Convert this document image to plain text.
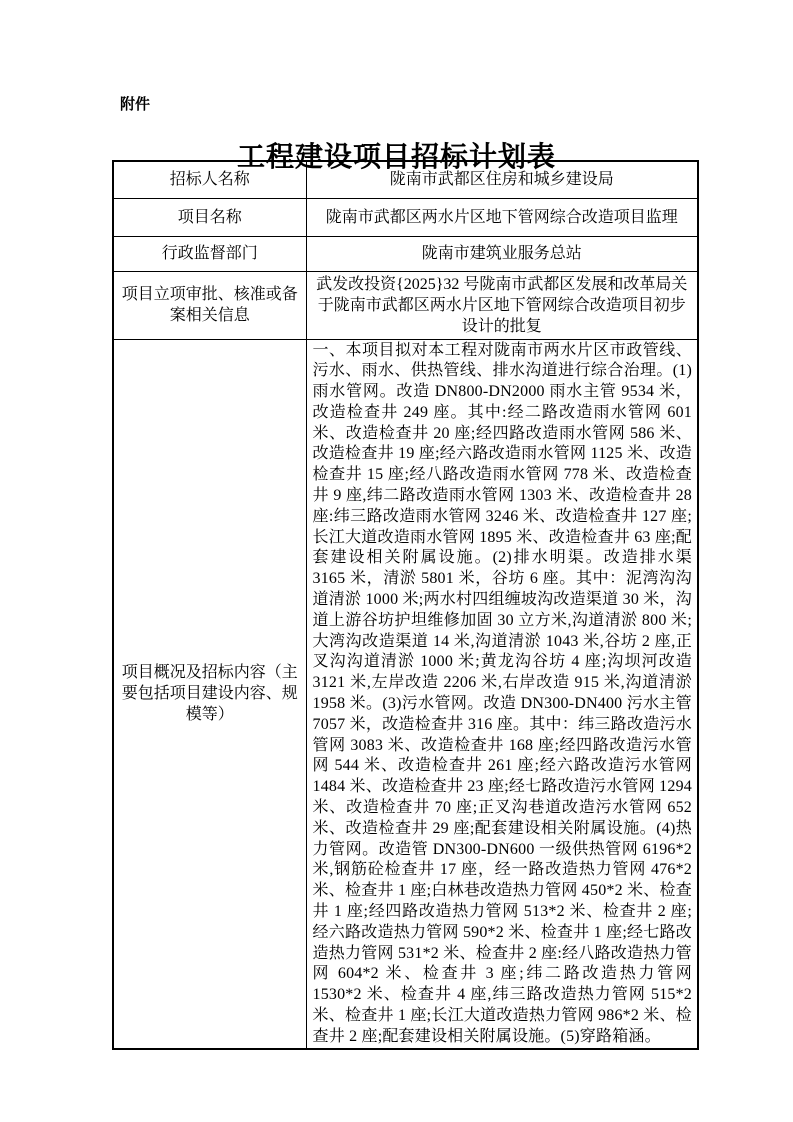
附件
工程建设项目招标计划表
招标人名称	陇南市武都区住房和城乡建设局
项目名称	陇南市武都区两水片区地下管网综合改造项目监理
行政监督部门	陇南市建筑业服务总站
项目立项审批、核准或备案相关信息	武发改投资{2025}32 号陇南市武都区发展和改革局关于陇南市武都区两水片区地下管网综合改造项目初步设计的批复
项目概况及招标内容（主要包括项目建设内容、规模等）	一、本项目拟对本工程对陇南市两水片区市政管线、污水、雨水、供热管线、排水沟道进行综合治理。(1)雨水管网。改造 DN800-DN2000 雨水主管 9534 米，改造检查井 249 座。其中:经二路改造雨水管网 601 米、改造检查井 20 座;经四路改造雨水管网 586 米、改造检查井 19 座;经六路改造雨水管网 1125 米、改造检查井 15 座;经八路改造雨水管网 778 米、改造检查井 9 座,纬二路改造雨水管网 1303 米、改造检查井 28 座:纬三路改造雨水管网 3246 米、改造检查井 127 座;长江大道改造雨水管网 1895 米、改造检查井 63 座;配套建设相关附属设施。(2)排水明渠。改造排水渠 3165 米，清淤 5801 米，谷坊 6 座。其中：泥湾沟沟道清淤 1000 米;两水村四组缠坡沟改造渠道 30 米，沟道上游谷坊护坦维修加固 30 立方米,沟道清淤 800 米;大湾沟改造渠道 14 米,沟道清淤 1043 米,谷坊 2 座,正叉沟沟道清淤 1000 米;黄龙沟谷坊 4 座;沟坝河改造 3121 米,左岸改造 2206 米,右岸改造 915 米,沟道清淤 1958 米。(3)污水管网。改造 DN300-DN400 污水主管 7057 米，改造检查井 316 座。其中：纬三路改造污水管网 3083 米、改造检查井 168 座;经四路改造污水管网 544 米、改造检查井 261 座;经六路改造污水管网 1484 米、改造检查井 23 座;经七路改造污水管网 1294 米、改造检查井 70 座;正叉沟巷道改造污水管网 652 米、改造检查井 29 座;配套建设相关附属设施。(4)热力管网。改造管 DN300-DN600 一级供热管网 6196*2 米,钢筋砼检查井 17 座，经一路改造热力管网 476*2 米、检查井 1 座;白林巷改造热力管网 450*2 米、检查井 1 座;经四路改造热力管网 513*2 米、检查井 2 座;经六路改造热力管网 590*2 米、检查井 1 座;经七路改造热力管网 531*2 米、检查井 2 座:经八路改造热力管网 604*2 米、检查井 3 座;纬二路改造热力管网 1530*2 米、检查井 4 座,纬三路改造热力管网 515*2 米、检查井 1 座;长江大道改造热力管网 986*2 米、检查井 2 座;配套建设相关附属设施。(5)穿路箱涵。
